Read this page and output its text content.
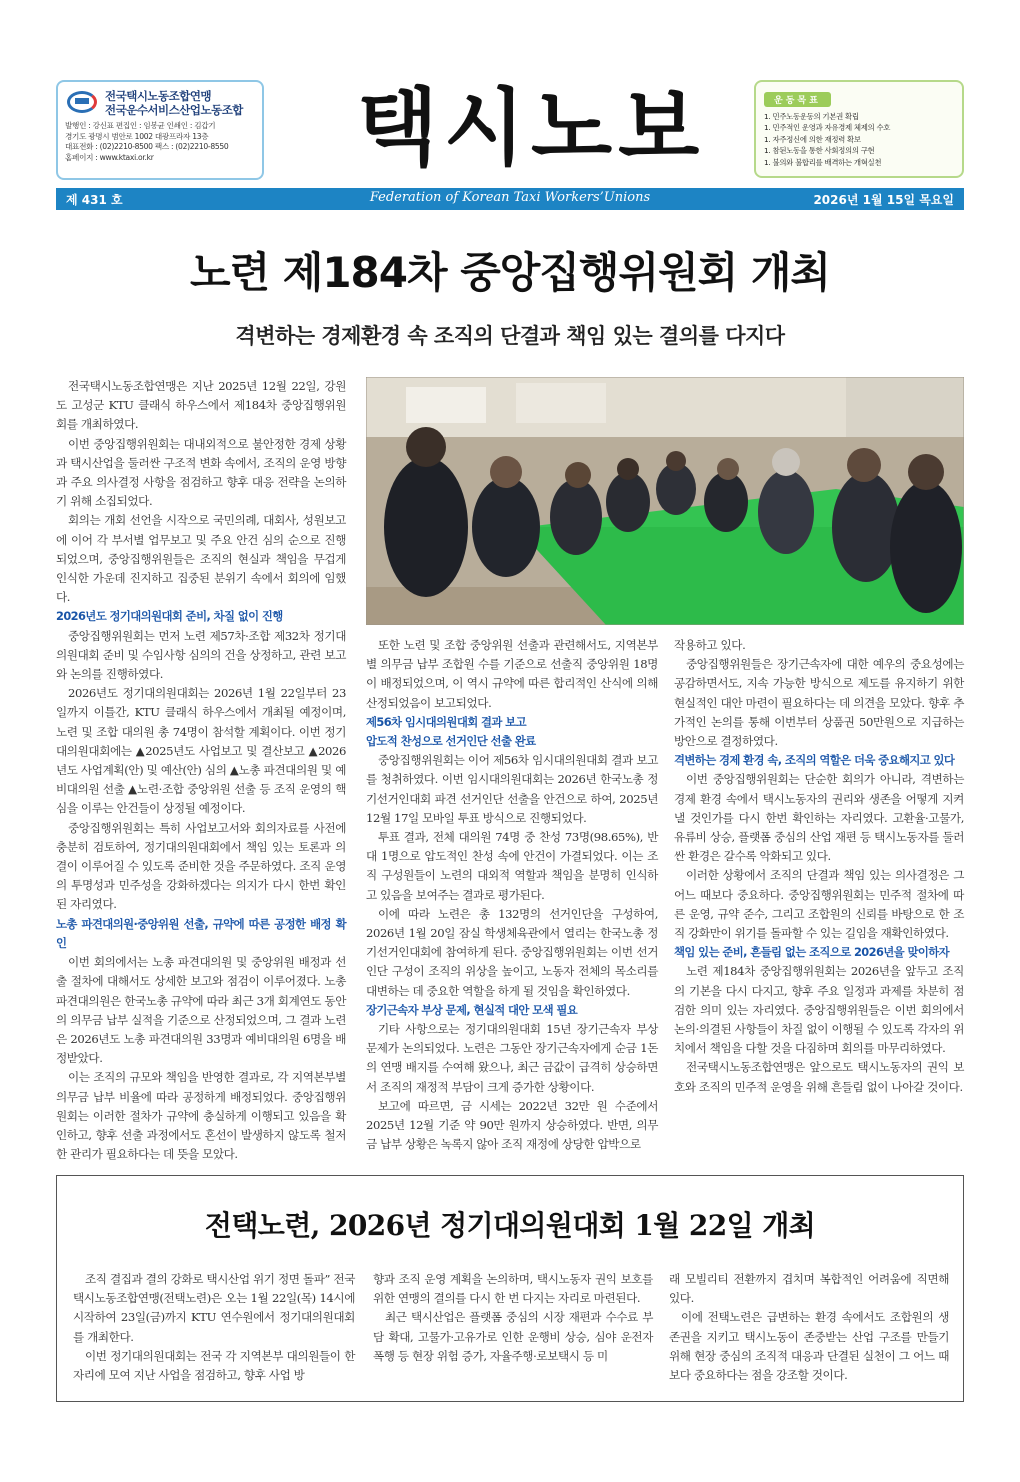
전국택시노동조합연맹
전국운수서비스산업노동조합
발행인 : 강신표 편집인 : 임봉균 인쇄인 : 김갑기
경기도 광명시 범안로 1002 대광프라자 13층
대표전화 : (02)2210-8500 팩스 : (02)2210-8550
홈페이지 : www.ktaxi.or.kr	택시노보	운동목표
1. 민주노동운동의 기본권 확립
1. 민주적인 운영과 자유경제 체제의 수호
1. 자주정신에 의한 재정력 확보
1. 참된노동을 통한 사회정의의 구현
1. 불의와 불합리를 배격하는 개혁실천
Federation of Korean Taxi Workers’Unions
제 431 호	2026년 1월 15일 목요일
노련 제184차 중앙집행위원회 개최
격변하는 경제환경 속 조직의 단결과 책임 있는 결의를 다지다

전국택시노동조합연맹은 지난 2025년 12월 22일, 강원도 고성군 KTU 클래식 하우스에서 제184차 중앙집행위원회를 개최하였다.

이번 중앙집행위원회는 대내외적으로 불안정한 경제 상황과 택시산업을 둘러싼 구조적 변화 속에서, 조직의 운영 방향과 주요 의사결정 사항을 점검하고 향후 대응 전략을 논의하기 위해 소집되었다.

회의는 개회 선언을 시작으로 국민의례, 대회사, 성원보고에 이어 각 부서별 업무보고 및 주요 안건 심의 순으로 진행되었으며, 중앙집행위원들은 조직의 현실과 책임을 무겁게 인식한 가운데 진지하고 집중된 분위기 속에서 회의에 임했다.

2026년도 정기대의원대회 준비, 차질 없이 진행

중앙집행위원회는 먼저 노련 제57차·조합 제32차 정기대의원대회 준비 및 수임사항 심의의 건을 상정하고, 관련 보고와 논의를 진행하였다.

2026년도 정기대의원대회는 2026년 1월 22일부터 23일까지 이틀간, KTU 클래식 하우스에서 개최될 예정이며, 노련 및 조합 대의원 총 74명이 참석할 계획이다. 이번 정기대의원대회에는 ▲2025년도 사업보고 및 결산보고 ▲2026년도 사업계획(안) 및 예산(안) 심의 ▲노총 파견대의원 및 예비대의원 선출 ▲노련·조합 중앙위원 선출 등 조직 운영의 핵심을 이루는 안건들이 상정될 예정이다.

중앙집행위원회는 특히 사업보고서와 회의자료를 사전에 충분히 검토하여, 정기대의원대회에서 책임 있는 토론과 의결이 이루어질 수 있도록 준비한 것을 주문하였다. 조직 운영의 투명성과 민주성을 강화하겠다는 의지가 다시 한번 확인된 자리였다.

노총 파견대의원·중앙위원 선출, 규약에 따른 공정한 배정 확인

이번 회의에서는 노총 파견대의원 및 중앙위원 배정과 선출 절차에 대해서도 상세한 보고와 점검이 이루어졌다. 노총 파견대의원은 한국노총 규약에 따라 최근 3개 회계연도 동안의 의무금 납부 실적을 기준으로 산정되었으며, 그 결과 노련은 2026년도 노총 파견대의원 33명과 예비대의원 6명을 배정받았다.

이는 조직의 규모와 책임을 반영한 결과로, 각 지역본부별 의무금 납부 비율에 따라 공정하게 배정되었다. 중앙집행위원회는 이러한 절차가 규약에 충실하게 이행되고 있음을 확인하고, 향후 선출 과정에서도 혼선이 발생하지 않도록 철저한 관리가 필요하다는 데 뜻을 모았다.

또한 노련 및 조합 중앙위원 선출과 관련해서도, 지역본부별 의무금 납부 조합원 수를 기준으로 선출직 중앙위원 18명이 배정되었으며, 이 역시 규약에 따른 합리적인 산식에 의해 산정되었음이 보고되었다.

제56차 임시대의원대회 결과 보고

압도적 찬성으로 선거인단 선출 완료

중앙집행위원회는 이어 제56차 임시대의원대회 결과 보고를 청취하였다. 이번 임시대의원대회는 2026년 한국노총 정기선거인대회 파견 선거인단 선출을 안건으로 하여, 2025년 12월 17일 모바일 투표 방식으로 진행되었다.

투표 결과, 전체 대의원 74명 중 찬성 73명(98.65%), 반대 1명으로 압도적인 찬성 속에 안건이 가결되었다. 이는 조직 구성원들이 노련의 대외적 역할과 책임을 분명히 인식하고 있음을 보여주는 결과로 평가된다.

이에 따라 노련은 총 132명의 선거인단을 구성하여, 2026년 1월 20일 잠실 학생체육관에서 열리는 한국노총 정기선거인대회에 참여하게 된다. 중앙집행위원회는 이번 선거인단 구성이 조직의 위상을 높이고, 노동자 전체의 목소리를 대변하는 데 중요한 역할을 하게 될 것임을 확인하였다.

장기근속자 부상 문제, 현실적 대안 모색 필요

기타 사항으로는 정기대의원대회 15년 장기근속자 부상 문제가 논의되었다. 노련은 그동안 장기근속자에게 순금 1돈의 연맹 배지를 수여해 왔으나, 최근 금값이 급격히 상승하면서 조직의 재정적 부담이 크게 증가한 상황이다.

보고에 따르면, 금 시세는 2022년 32만 원 수준에서 2025년 12월 기준 약 90만 원까지 상승하였다. 반면, 의무금 납부 상황은 녹록지 않아 조직 재정에 상당한 압박으로

작용하고 있다.

중앙집행위원들은 장기근속자에 대한 예우의 중요성에는 공감하면서도, 지속 가능한 방식으로 제도를 유지하기 위한 현실적인 대안 마련이 필요하다는 데 의견을 모았다. 향후 추가적인 논의를 통해 이번부터 상품권 50만원으로 지급하는 방안으로 결정하였다.

격변하는 경제 환경 속, 조직의 역할은 더욱 중요해지고 있다

이번 중앙집행위원회는 단순한 회의가 아니라, 격변하는 경제 환경 속에서 택시노동자의 권리와 생존을 어떻게 지켜낼 것인가를 다시 한번 확인하는 자리였다. 고환율·고물가, 유류비 상승, 플랫폼 중심의 산업 재편 등 택시노동자를 둘러싼 환경은 갈수록 악화되고 있다.

이러한 상황에서 조직의 단결과 책임 있는 의사결정은 그 어느 때보다 중요하다. 중앙집행위원회는 민주적 절차에 따른 운영, 규약 준수, 그리고 조합원의 신뢰를 바탕으로 한 조직 강화만이 위기를 돌파할 수 있는 길임을 재확인하였다.

책임 있는 준비, 흔들림 없는 조직으로 2026년을 맞이하자

노련 제184차 중앙집행위원회는 2026년을 앞두고 조직의 기본을 다시 다지고, 향후 주요 일정과 과제를 차분히 점검한 의미 있는 자리였다. 중앙집행위원들은 이번 회의에서 논의·의결된 사항들이 차질 없이 이행될 수 있도록 각자의 위치에서 책임을 다할 것을 다짐하며 회의를 마무리하였다.

전국택시노동조합연맹은 앞으로도 택시노동자의 권익 보호와 조직의 민주적 운영을 위해 흔들림 없이 나아갈 것이다.

전택노련, 2026년 정기대의원대회 1월 22일 개최

조직 결집과 결의 강화로 택시산업 위기 정면 돌파” 전국택시노동조합연맹(전택노련)은 오는 1월 22일(목) 14시에 시작하여 23일(금)까지 KTU 연수원에서 정기대의원대회를 개최한다.

이번 정기대의원대회는 전국 각 지역본부 대의원들이 한자리에 모여 지난 사업을 점검하고, 향후 사업 방

향과 조직 운영 계획을 논의하며, 택시노동자 권익 보호를 위한 연맹의 결의를 다시 한 번 다지는 자리로 마련된다.

최근 택시산업은 플랫폼 중심의 시장 재편과 수수료 부담 확대, 고물가·고유가로 인한 운행비 상승, 심야 운전자 폭행 등 현장 위험 증가, 자율주행·로보택시 등 미

래 모빌리티 전환까지 겹치며 복합적인 어려움에 직면해 있다.

이에 전택노련은 급변하는 환경 속에서도 조합원의 생존권을 지키고 택시노동이 존중받는 산업 구조를 만들기 위해 현장 중심의 조직적 대응과 단결된 실천이 그 어느 때보다 중요하다는 점을 강조할 것이다.
